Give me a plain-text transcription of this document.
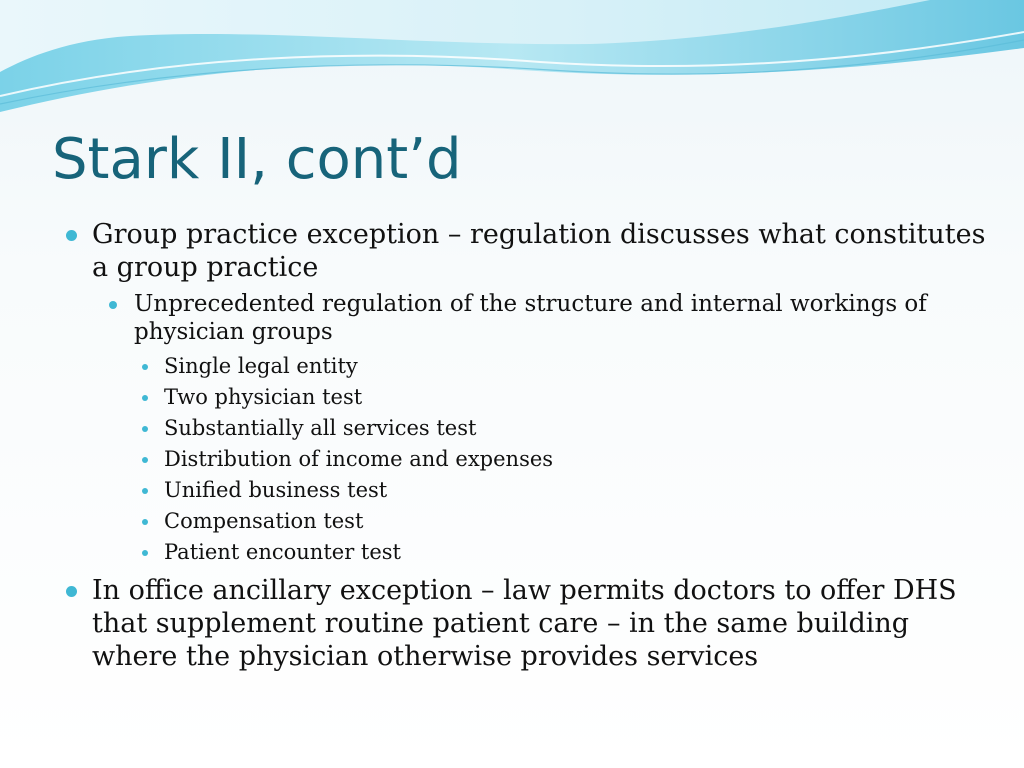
Stark II, cont’d
Group practice exception – regulation discusses what constitutes a group practice
Unprecedented regulation of the structure and internal workings of physician groups
Single legal entity
Two physician test
Substantially all services test
Distribution of income and expenses
Unified business test
Compensation test
Patient encounter test
In office ancillary exception – law permits doctors to offer DHS that supplement routine patient care – in the same building where the physician otherwise provides services
